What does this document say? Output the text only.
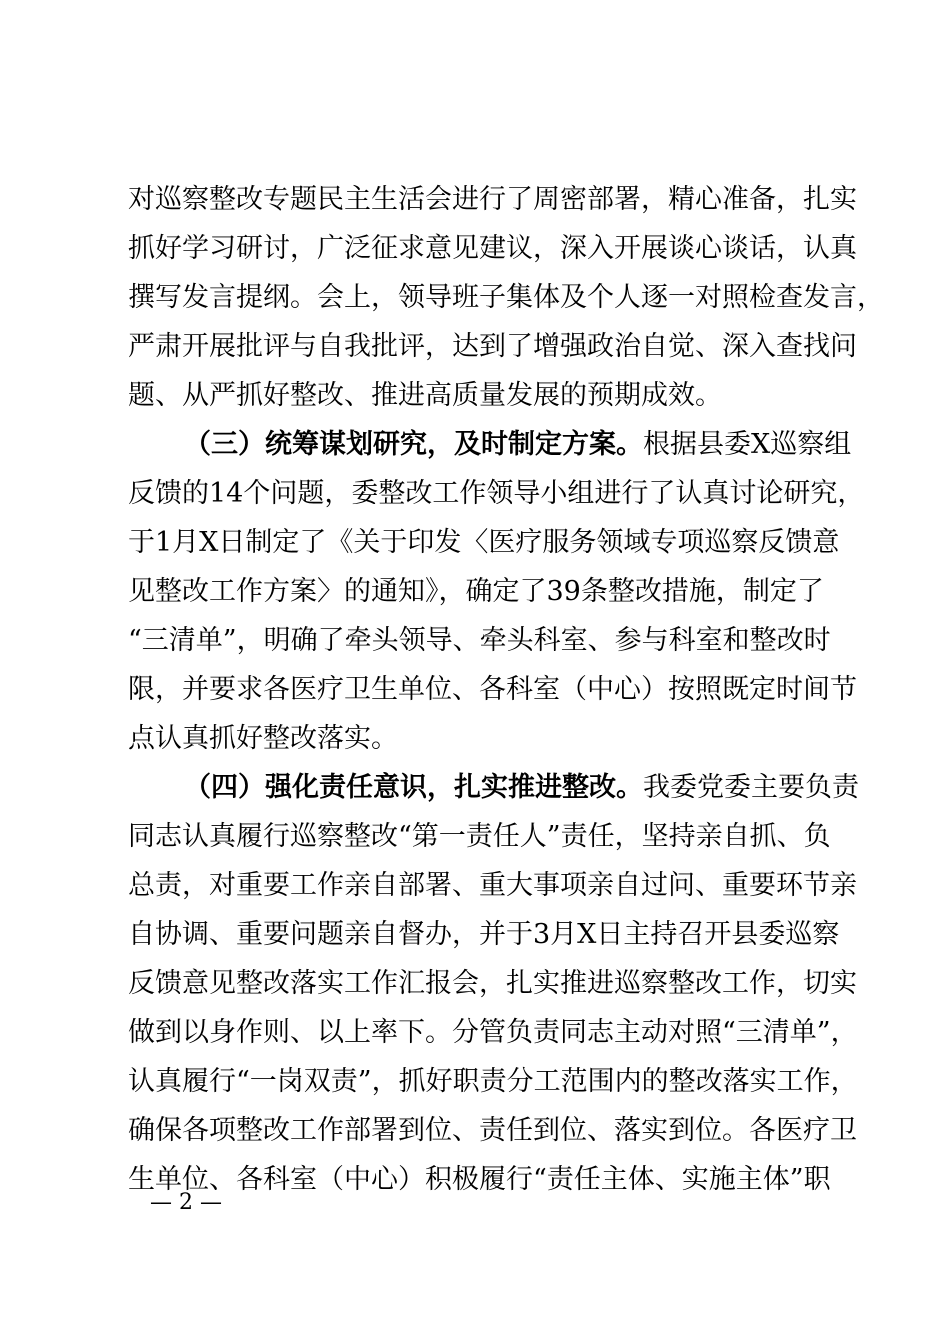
对巡察整改专题民主生活会进行了周密部署，精心准备，扎实
抓好学习研讨，广泛征求意见建议，深入开展谈心谈话，认真
撰写发言提纲。会上，领导班子集体及个人逐一对照检查发言，
严肃开展批评与自我批评，达到了增强政治自觉、深入查找问
题、从严抓好整改、推进高质量发展的预期成效。
（三）统筹谋划研究，及时制定方案。根据县委X巡察组
反馈的14个问题，委整改工作领导小组进行了认真讨论研究，
于1月X日制定了《关于印发〈医疗服务领域专项巡察反馈意
见整改工作方案〉的通知》，确定了39条整改措施，制定了
“三清单”，明确了牵头领导、牵头科室、参与科室和整改时
限，并要求各医疗卫生单位、各科室（中心）按照既定时间节
点认真抓好整改落实。
（四）强化责任意识，扎实推进整改。我委党委主要负责
同志认真履行巡察整改“第一责任人”责任，坚持亲自抓、负
总责，对重要工作亲自部署、重大事项亲自过问、重要环节亲
自协调、重要问题亲自督办，并于3月X日主持召开县委巡察
反馈意见整改落实工作汇报会，扎实推进巡察整改工作，切实
做到以身作则、以上率下。分管负责同志主动对照“三清单”，
认真履行“一岗双责”，抓好职责分工范围内的整改落实工作，
确保各项整改工作部署到位、责任到位、落实到位。各医疗卫
生单位、各科室（中心）积极履行“责任主体、实施主体”职
— 2 —
